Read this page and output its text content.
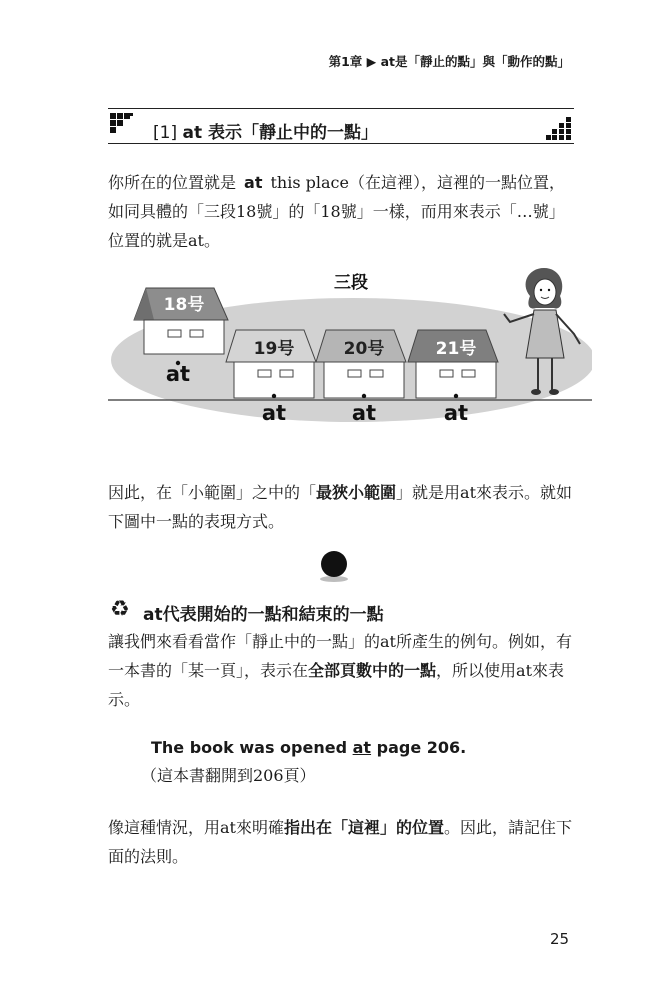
第1章 ▶ at是「靜止的點」與「動作的點」
[1] at 表示「靜止中的一點」
你所在的位置就是 at this place（在這裡），這裡的一點位置，如同具體的「三段18號」的「18號」一樣，而用來表示「…號」位置的就是at。
三段
18号
at
19号
at
20号
at
21号
at
因此，在「小範圍」之中的「最狹小範圍」就是用at來表示。就如下圖中一點的表現方式。
♻ at代表開始的一點和結束的一點
讓我們來看看當作「靜止中的一點」的at所產生的例句。例如，有一本書的「某一頁」，表示在全部頁數中的一點，所以使用at來表示。
The book was opened at page 206.
（這本書翻開到206頁）
像這種情況，用at來明確指出在「這裡」的位置。因此，請記住下面的法則。
25
